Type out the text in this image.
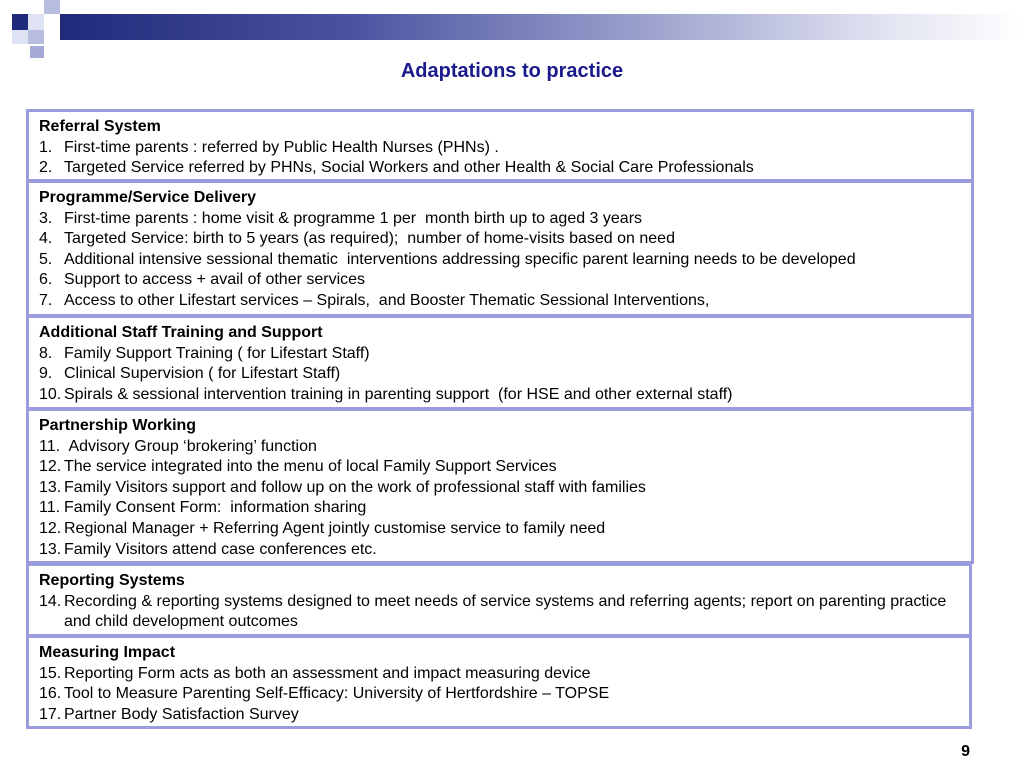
Adaptations to practice
Referral System
1. First-time parents : referred by Public Health Nurses (PHNs) .
2. Targeted Service referred by PHNs, Social Workers and other Health & Social Care Professionals
Programme/Service Delivery
3. First-time parents : home visit & programme 1 per  month birth up to aged 3 years
4. Targeted Service: birth to 5 years (as required);  number of home-visits based on need
5. Additional intensive sessional thematic  interventions addressing specific parent learning needs to be developed
6. Support to access + avail of other services
7. Access to other Lifestart services – Spirals,  and Booster Thematic Sessional Interventions,
Additional Staff Training and Support
8. Family Support Training ( for Lifestart Staff)
9. Clinical Supervision ( for Lifestart Staff)
10. Spirals & sessional intervention training in parenting support  (for HSE and other external staff)
Partnership Working
11. Advisory Group ‘brokering’ function
12. The service integrated into the menu of local Family Support Services
13. Family Visitors support and follow up on the work of professional staff with families
11. Family Consent Form:  information sharing
12. Regional Manager + Referring Agent jointly customise service to family need
13. Family Visitors attend case conferences etc.
Reporting Systems
14. Recording & reporting systems designed to meet needs of service systems and referring agents; report on parenting practice and child development outcomes
Measuring Impact
15. Reporting Form acts as both an assessment and impact measuring device
16. Tool to Measure Parenting Self-Efficacy: University of Hertfordshire – TOPSE
17. Partner Body Satisfaction Survey
9
